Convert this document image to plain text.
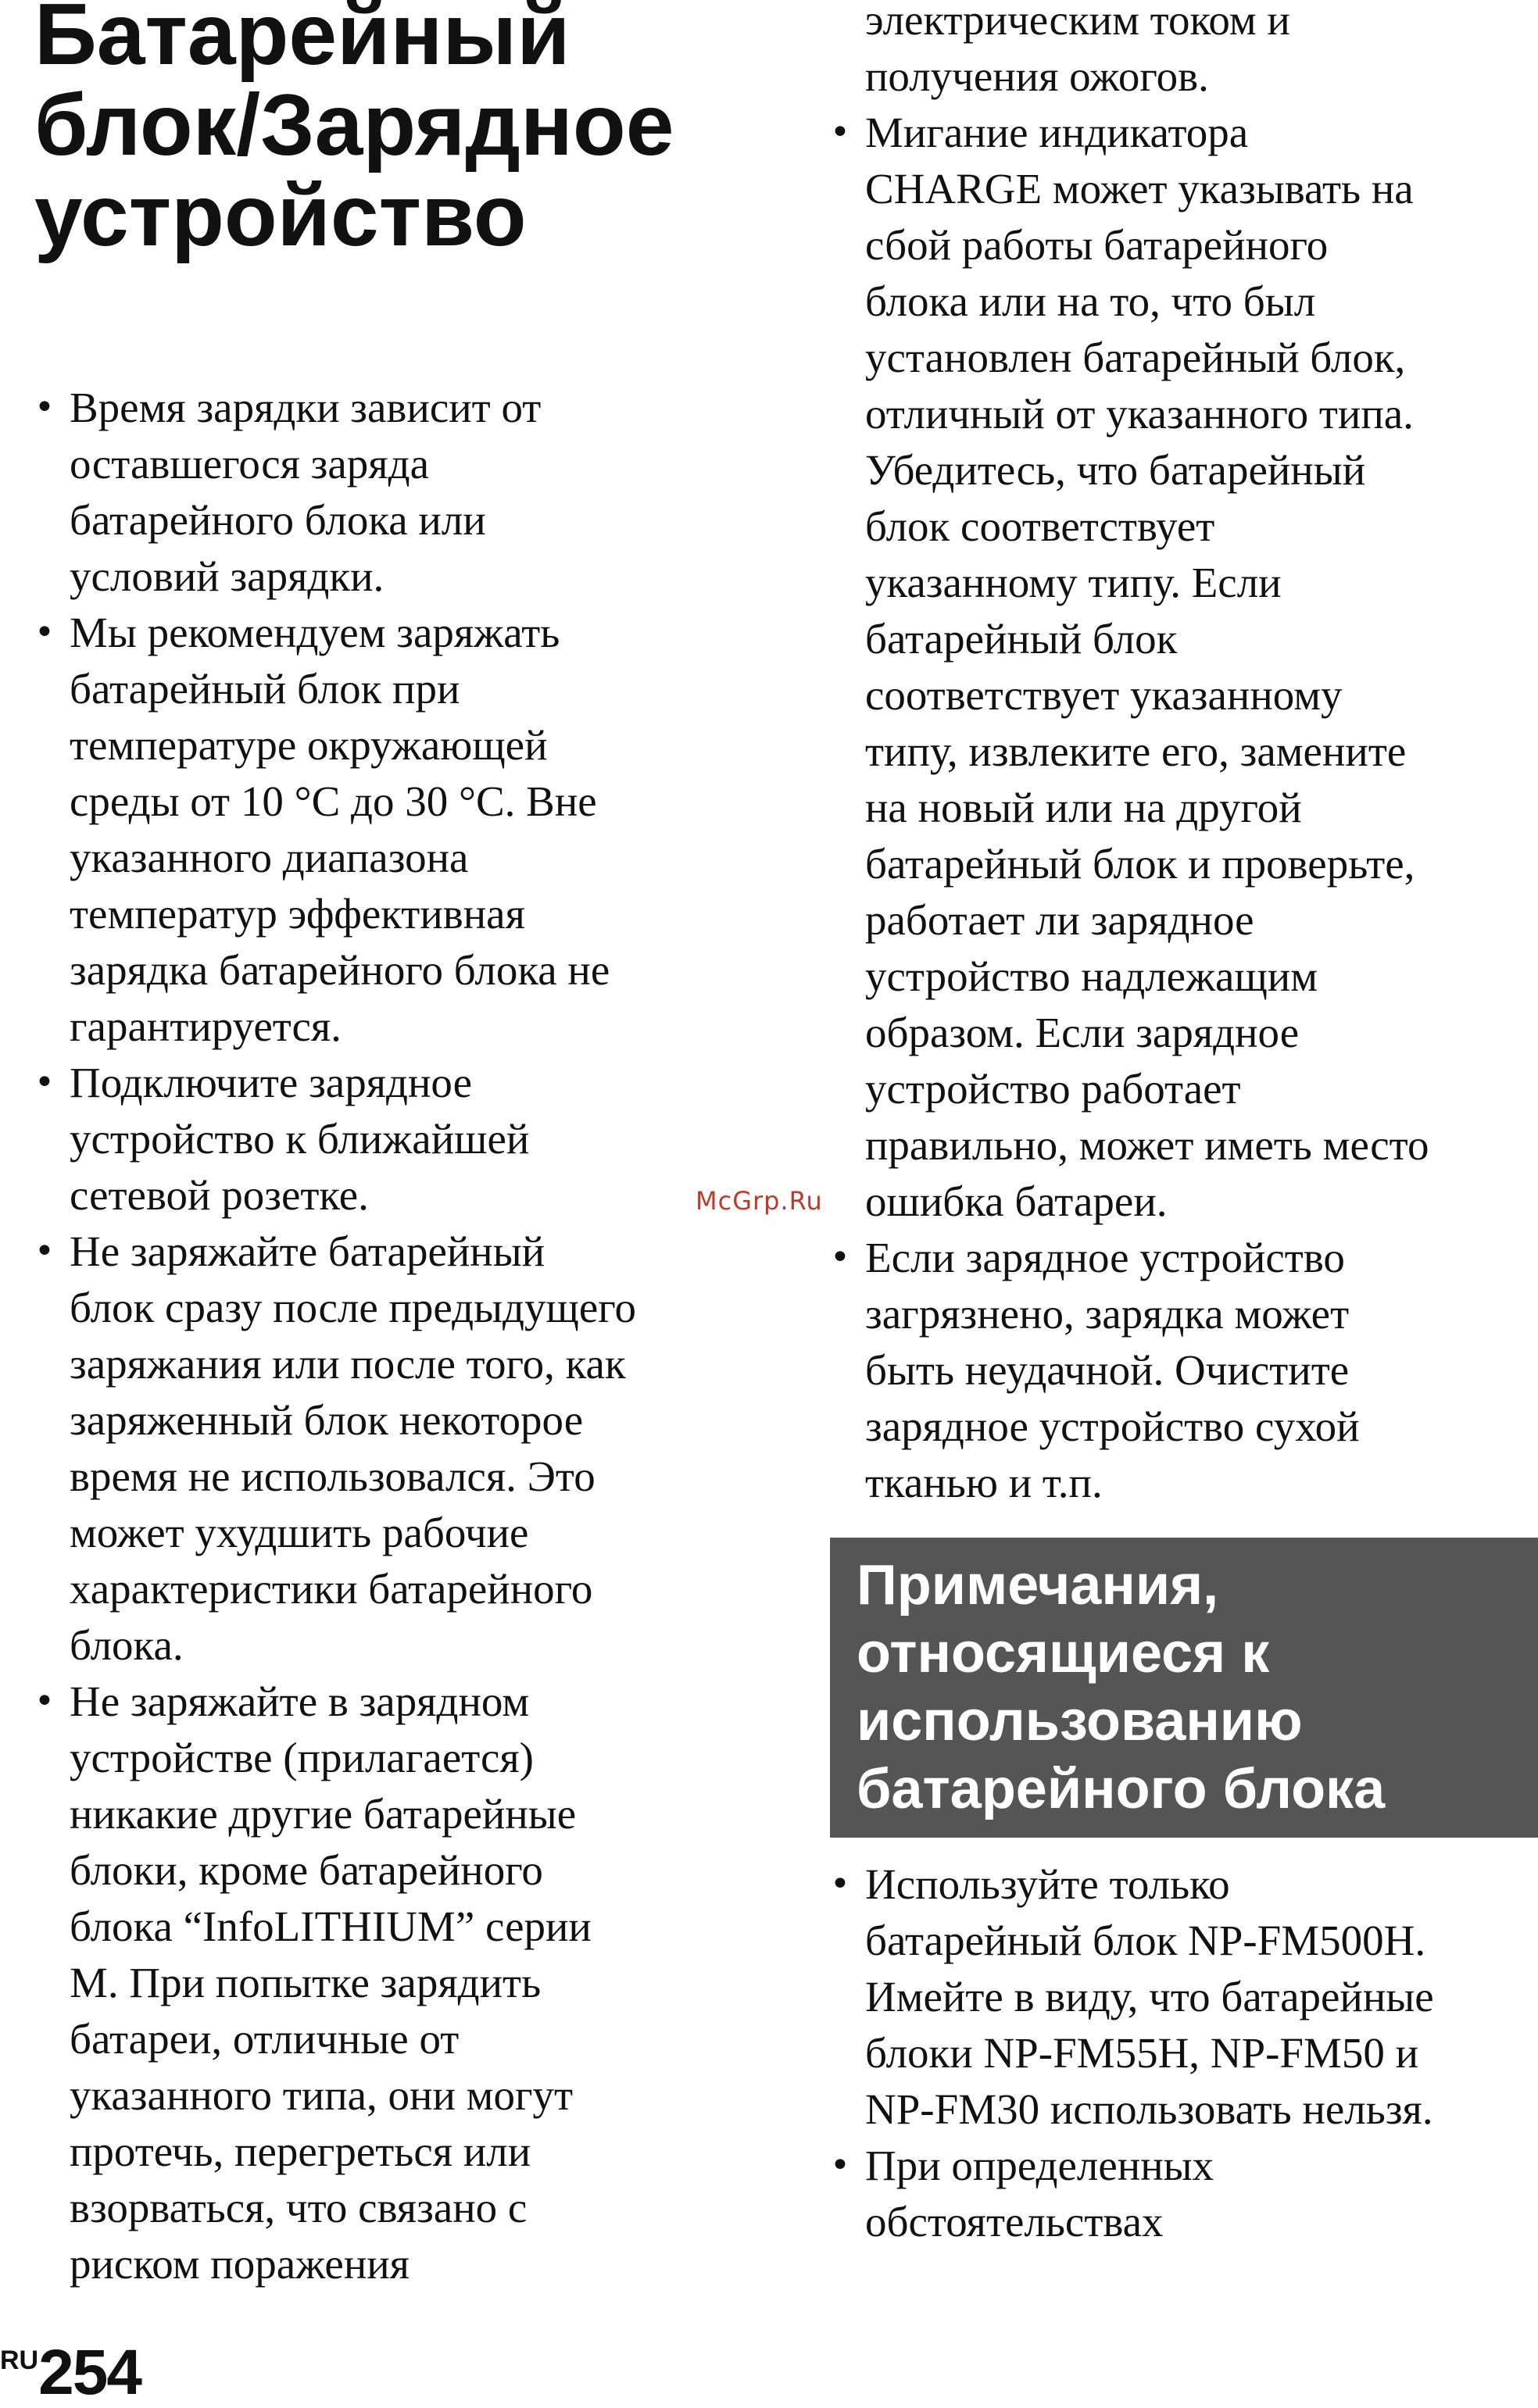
Батарейный
блок/Зарядное
устройство
• Время зарядки зависит от
оставшегося заряда
батарейного блока или
условий зарядки.
• Мы рекомендуем заряжать
батарейный блок при
температуре окружающей
среды от 10 °C до 30 °C. Вне
указанного диапазона
температур эффективная
зарядка батарейного блока не
гарантируется.
• Подключите зарядное
устройство к ближайшей
сетевой розетке.
• Не заряжайте батарейный
блок сразу после предыдущего
заряжания или после того, как
заряженный блок некоторое
время не использовался. Это
может ухудшить рабочие
характеристики батарейного
блока.
• Не заряжайте в зарядном
устройстве (прилагается)
никакие другие батарейные
блоки, кроме батарейного
блока “InfoLITHIUM” серии
M. При попытке зарядить
батареи, отличные от
указанного типа, они могут
протечь, перегреться или
взорваться, что связано с
риском поражения
электрическим током и
получения ожогов.
• Мигание индикатора
CHARGE может указывать на
сбой работы батарейного
блока или на то, что был
установлен батарейный блок,
отличный от указанного типа.
Убедитесь, что батарейный
блок соответствует
указанному типу. Если
батарейный блок
соответствует указанному
типу, извлеките его, замените
на новый или на другой
батарейный блок и проверьте,
работает ли зарядное
устройство надлежащим
образом. Если зарядное
устройство работает
правильно, может иметь место
ошибка батареи.
• Если зарядное устройство
загрязнено, зарядка может
быть неудачной. Очистите
зарядное устройство сухой
тканью и т.п.
Примечания,
относящиеся к
использованию
батарейного блока
• Используйте только
батарейный блок NP-FM500H.
Имейте в виду, что батарейные
блоки NP-FM55H, NP-FM50 и
NP-FM30 использовать нельзя.
• При определенных
обстоятельствах
McGrp.Ru
RU254
